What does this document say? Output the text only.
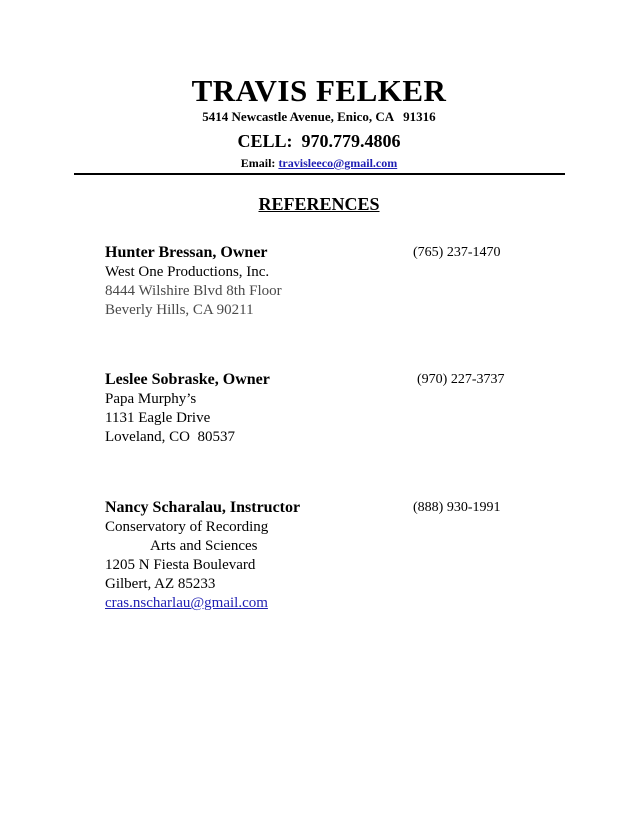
TRAVIS FELKER
5414 Newcastle Avenue, Enico, CA   91316
CELL:  970.779.4806
Email: travisleeco@gmail.com
REFERENCES
Hunter Bressan, Owner	(765) 237-1470
West One Productions, Inc.
8444 Wilshire Blvd 8th Floor
Beverly Hills, CA 90211
Leslee Sobraske, Owner	(970) 227-3737
Papa Murphy’s
1131 Eagle Drive
Loveland, CO  80537
Nancy Scharalau, Instructor	(888) 930-1991
Conservatory of Recording
Arts and Sciences
1205 N Fiesta Boulevard
Gilbert, AZ 85233
cras.nscharlau@gmail.com
